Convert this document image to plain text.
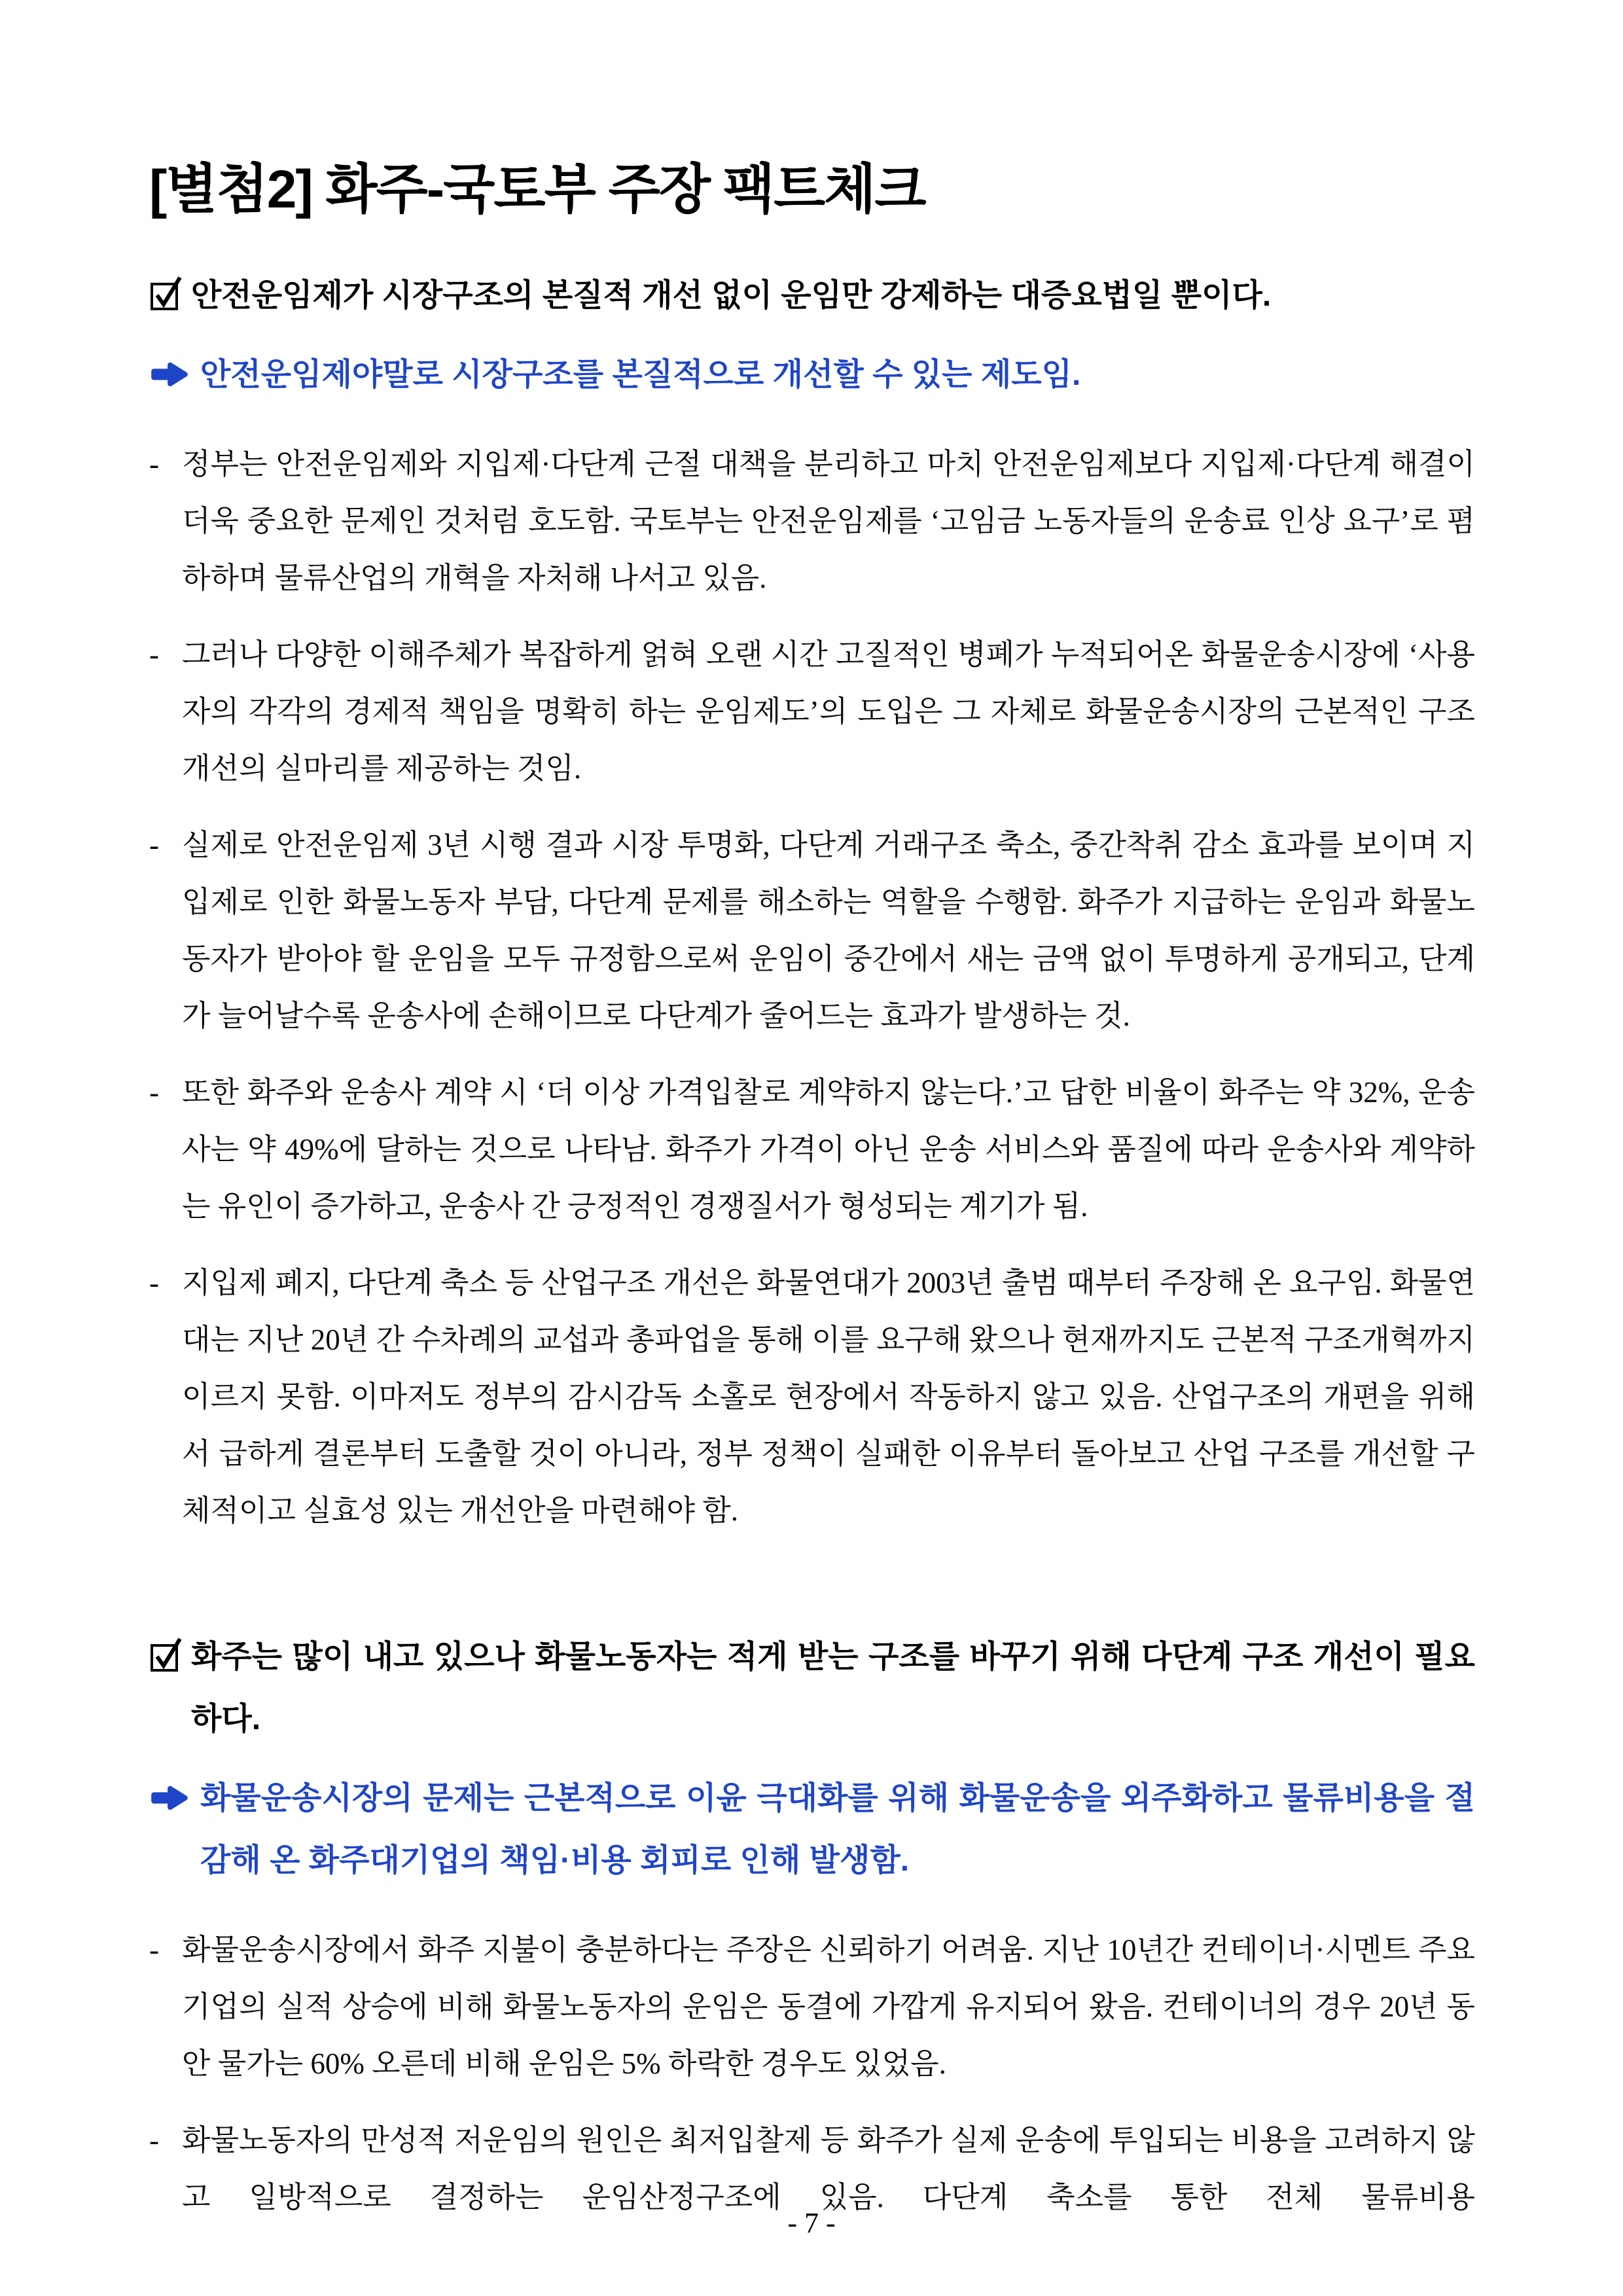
[별첨2] 화주-국토부 주장 팩트체크

안전운임제가 시장구조의 본질적 개선 없이 운임만 강제하는 대증요법일 뿐이다.

안전운임제야말로 시장구조를 본질적으로 개선할 수 있는 제도임.

- 정부는 안전운임제와 지입제·다단계 근절 대책을 분리하고 마치 안전운임제보다 지입제·다단계 해결이 더욱 중요한 문제인 것처럼 호도함. 국토부는 안전운임제를 ‘고임금 노동자들의 운송료 인상 요구’로 폄하하며 물류산업의 개혁을 자처해 나서고 있음.

- 그러나 다양한 이해주체가 복잡하게 얽혀 오랜 시간 고질적인 병폐가 누적되어온 화물운송시장에 ‘사용자의 각각의 경제적 책임을 명확히 하는 운임제도’의 도입은 그 자체로 화물운송시장의 근본적인 구조 개선의 실마리를 제공하는 것임.

- 실제로 안전운임제 3년 시행 결과 시장 투명화, 다단계 거래구조 축소, 중간착취 감소 효과를 보이며 지입제로 인한 화물노동자 부담, 다단계 문제를 해소하는 역할을 수행함. 화주가 지급하는 운임과 화물노동자가 받아야 할 운임을 모두 규정함으로써 운임이 중간에서 새는 금액 없이 투명하게 공개되고, 단계가 늘어날수록 운송사에 손해이므로 다단계가 줄어드는 효과가 발생하는 것.

- 또한 화주와 운송사 계약 시 ‘더 이상 가격입찰로 계약하지 않는다.’고 답한 비율이 화주는 약 32%, 운송사는 약 49%에 달하는 것으로 나타남. 화주가 가격이 아닌 운송 서비스와 품질에 따라 운송사와 계약하는 유인이 증가하고, 운송사 간 긍정적인 경쟁질서가 형성되는 계기가 됨.

- 지입제 폐지, 다단계 축소 등 산업구조 개선은 화물연대가 2003년 출범 때부터 주장해 온 요구임. 화물연대는 지난 20년 간 수차례의 교섭과 총파업을 통해 이를 요구해 왔으나 현재까지도 근본적 구조개혁까지 이르지 못함. 이마저도 정부의 감시감독 소홀로 현장에서 작동하지 않고 있음. 산업구조의 개편을 위해서 급하게 결론부터 도출할 것이 아니라, 정부 정책이 실패한 이유부터 돌아보고 산업 구조를 개선할 구체적이고 실효성 있는 개선안을 마련해야 함.

화주는 많이 내고 있으나 화물노동자는 적게 받는 구조를 바꾸기 위해 다단계 구조 개선이 필요하다.

화물운송시장의 문제는 근본적으로 이윤 극대화를 위해 화물운송을 외주화하고 물류비용을 절감해 온 화주대기업의 책임·비용 회피로 인해 발생함.

- 화물운송시장에서 화주 지불이 충분하다는 주장은 신뢰하기 어려움. 지난 10년간 컨테이너·시멘트 주요 기업의 실적 상승에 비해 화물노동자의 운임은 동결에 가깝게 유지되어 왔음. 컨테이너의 경우 20년 동안 물가는 60% 오른데 비해 운임은 5% 하락한 경우도 있었음.

- 화물노동자의 만성적 저운임의 원인은 최저입찰제 등 화주가 실제 운송에 투입되는 비용을 고려하지 않고 일방적으로 결정하는 운임산정구조에 있음. 다단계 축소를 통한 전체 물류비용

- 7 -
